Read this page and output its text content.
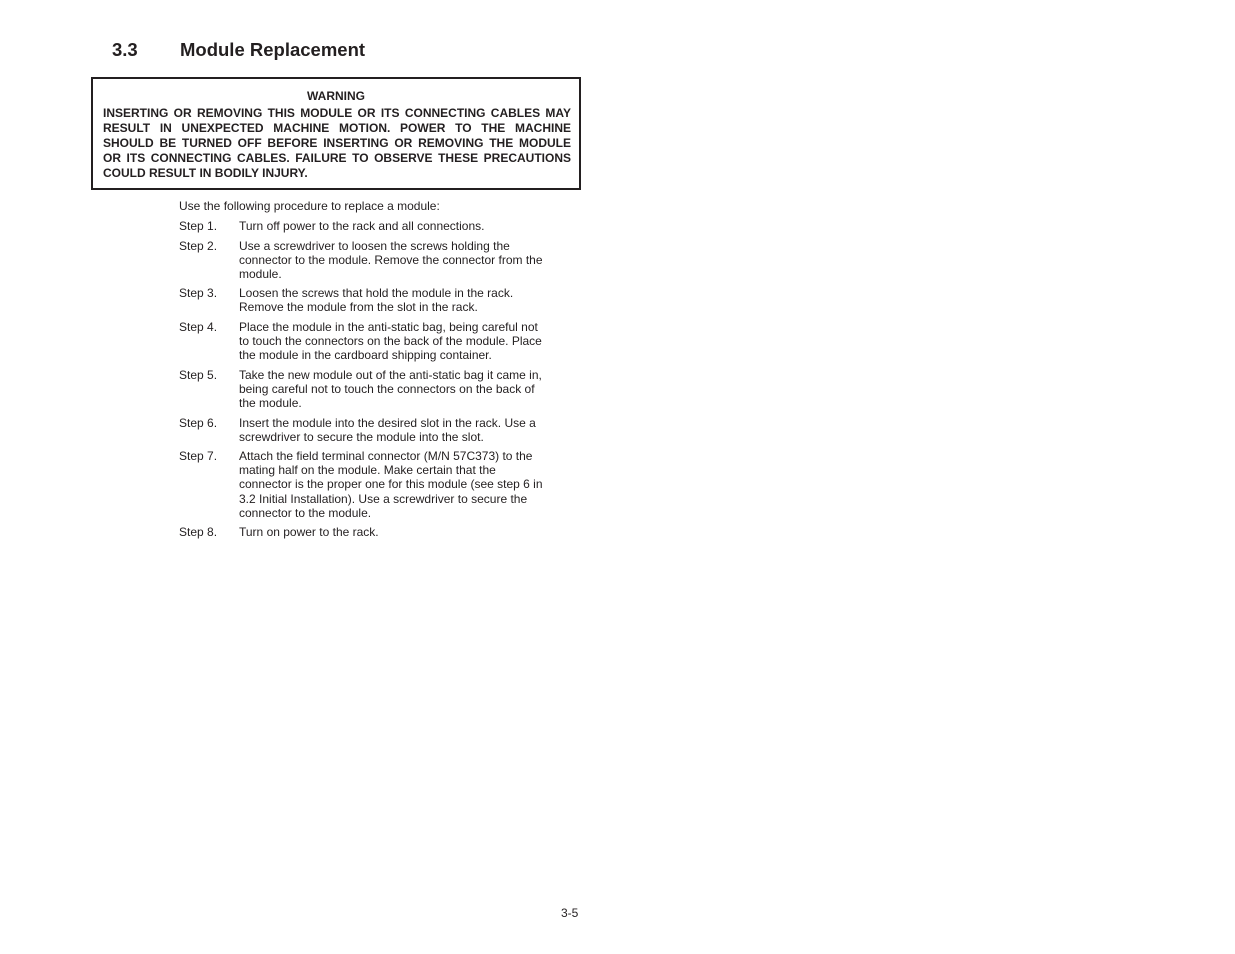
3.3 Module Replacement
WARNING
INSERTING OR REMOVING THIS MODULE OR ITS CONNECTING CABLES MAY
RESULT IN UNEXPECTED MACHINE MOTION. POWER TO THE MACHINE
SHOULD BE TURNED OFF BEFORE INSERTING OR REMOVING THE MODULE
OR ITS CONNECTING CABLES. FAILURE TO OBSERVE THESE PRECAUTIONS
COULD RESULT IN BODILY INJURY.
Use the following procedure to replace a module:
Step 1. Turn off power to the rack and all connections.
Step 2. Use a screwdriver to loosen the screws holding the
connector to the module. Remove the connector from the
module.
Step 3. Loosen the screws that hold the module in the rack.
Remove the module from the slot in the rack.
Step 4. Place the module in the anti-static bag, being careful not
to touch the connectors on the back of the module. Place
the module in the cardboard shipping container.
Step 5. Take the new module out of the anti-static bag it came in,
being careful not to touch the connectors on the back of
the module.
Step 6. Insert the module into the desired slot in the rack. Use a
screwdriver to secure the module into the slot.
Step 7. Attach the field terminal connector (M/N 57C373) to the
mating half on the module. Make certain that the
connector is the proper one for this module (see step 6 in
3.2 Initial Installation). Use a screwdriver to secure the
connector to the module.
Step 8. Turn on power to the rack.
3-5
